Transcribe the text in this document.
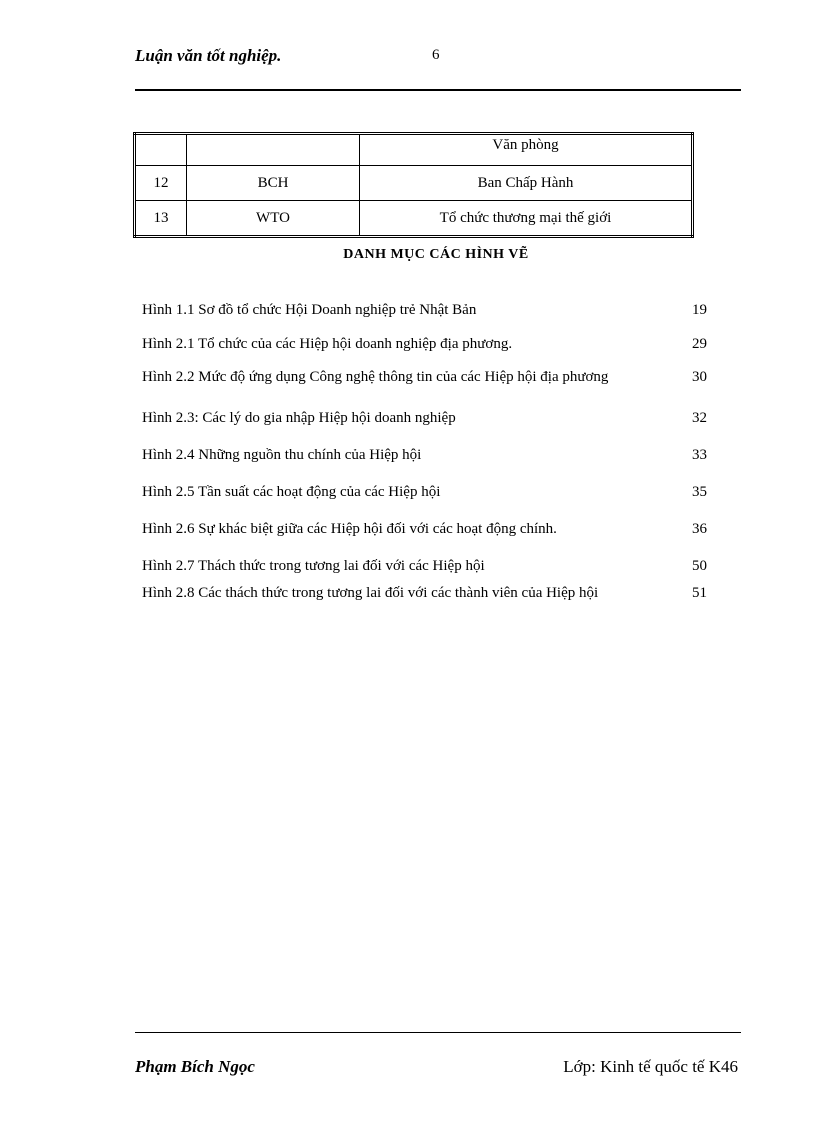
Luận văn tốt nghiệp.	6
		Văn phòng
12	BCH	Ban Chấp Hành
13	WTO	Tổ chức thương mại thế giới
DANH MỤC CÁC HÌNH VẼ
Hình 1.1 Sơ đồ tổ chức Hội Doanh nghiệp trẻ Nhật Bản	19
Hình 2.1 Tổ chức của các Hiệp hội doanh nghiệp địa phương.	29
Hình 2.2 Mức độ ứng dụng Công nghệ thông tin của các Hiệp hội địa phương	30
Hình 2.3: Các lý do gia nhập Hiệp hội doanh nghiệp	32
Hình 2.4 Những nguồn thu chính của Hiệp hội	33
Hình 2.5 Tần suất các hoạt động của các Hiệp hội	35
Hình 2.6 Sự khác biệt giữa các Hiệp hội đối với các hoạt động chính.	36
Hình 2.7 Thách thức trong tương lai đối với các Hiệp hội	50
Hình 2.8 Các thách thức trong tương lai đối với các thành viên của Hiệp hội	51
Phạm Bích Ngọc	Lớp: Kinh tế quốc tế K46
